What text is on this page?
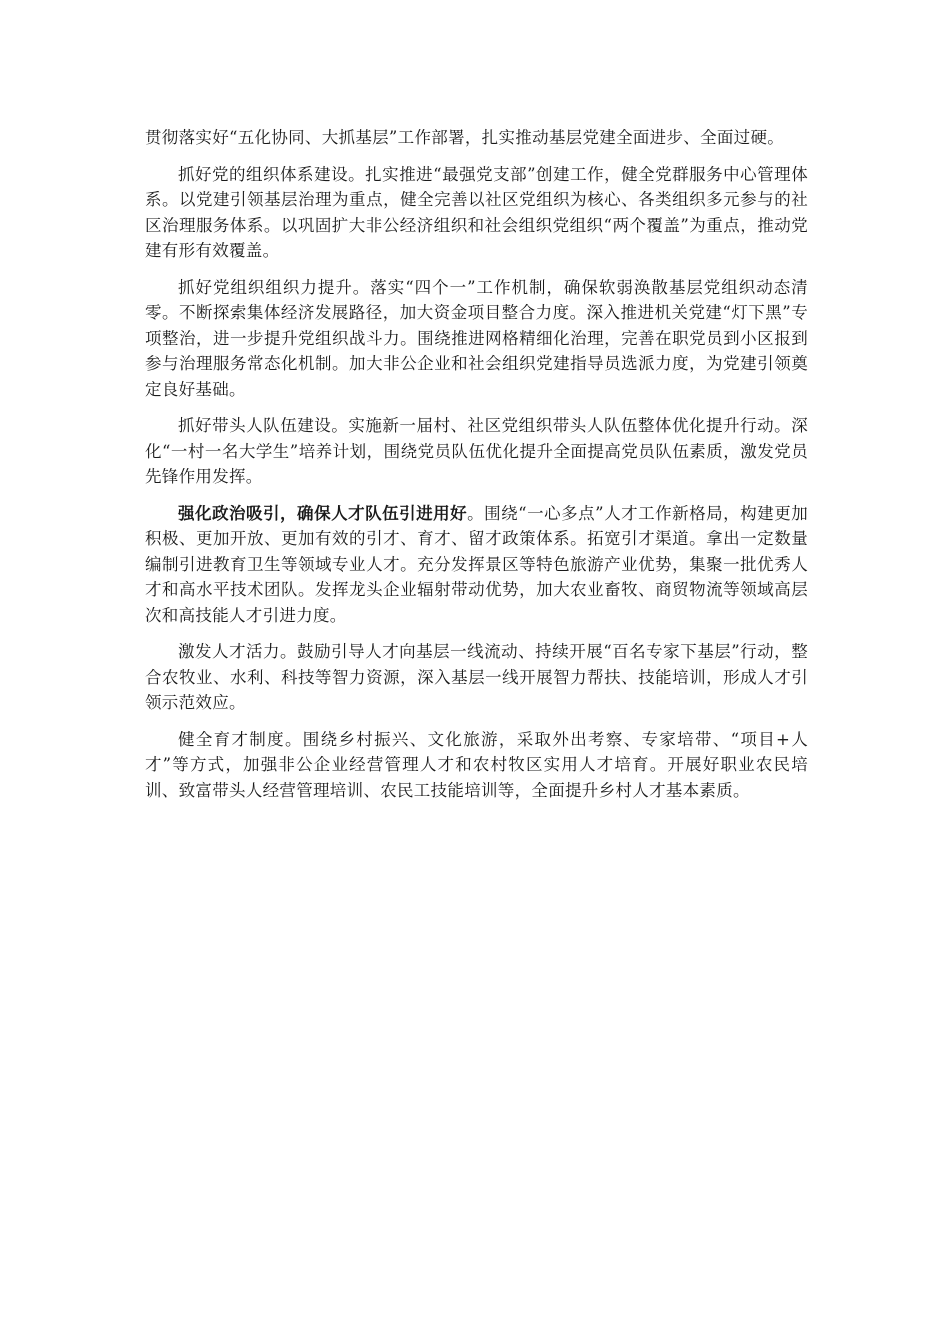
贯彻落实好“五化协同、大抓基层”工作部署，扎实推动基层党建全面进步、全面过硬。

抓好党的组织体系建设。扎实推进“最强党支部”创建工作，健全党群服务中心管理体系。以党建引领基层治理为重点，健全完善以社区党组织为核心、各类组织多元参与的社区治理服务体系。以巩固扩大非公经济组织和社会组织党组织“两个覆盖”为重点，推动党建有形有效覆盖。

抓好党组织组织力提升。落实“四个一”工作机制，确保软弱涣散基层党组织动态清零。不断探索集体经济发展路径，加大资金项目整合力度。深入推进机关党建“灯下黑”专项整治，进一步提升党组织战斗力。围绕推进网格精细化治理，完善在职党员到小区报到参与治理服务常态化机制。加大非公企业和社会组织党建指导员选派力度，为党建引领奠定良好基础。

抓好带头人队伍建设。实施新一届村、社区党组织带头人队伍整体优化提升行动。深化“一村一名大学生”培养计划，围绕党员队伍优化提升全面提高党员队伍素质，激发党员先锋作用发挥。

强化政治吸引，确保人才队伍引进用好。围绕“一心多点”人才工作新格局，构建更加积极、更加开放、更加有效的引才、育才、留才政策体系。拓宽引才渠道。拿出一定数量编制引进教育卫生等领域专业人才。充分发挥景区等特色旅游产业优势，集聚一批优秀人才和高水平技术团队。发挥龙头企业辐射带动优势，加大农业畜牧、商贸物流等领域高层次和高技能人才引进力度。

激发人才活力。鼓励引导人才向基层一线流动、持续开展“百名专家下基层”行动，整合农牧业、水利、科技等智力资源，深入基层一线开展智力帮扶、技能培训，形成人才引领示范效应。

健全育才制度。围绕乡村振兴、文化旅游，采取外出考察、专家培带、“项目+人才”等方式，加强非公企业经营管理人才和农村牧区实用人才培育。开展好职业农民培训、致富带头人经营管理培训、农民工技能培训等，全面提升乡村人才基本素质。
